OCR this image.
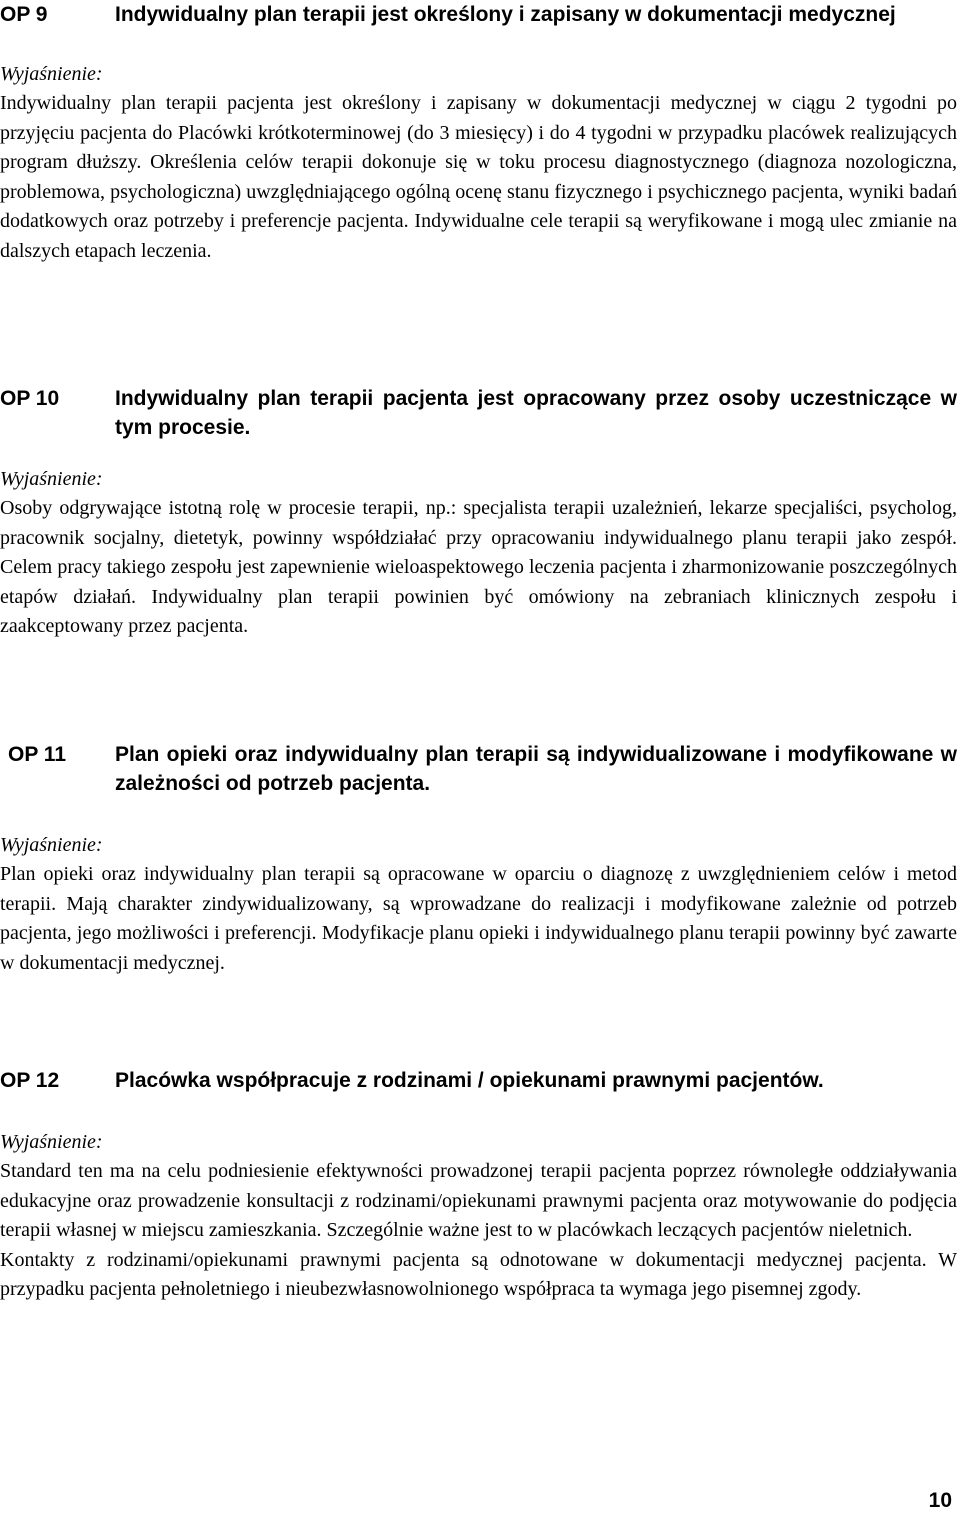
OP 9	Indywidualny plan terapii jest określony i zapisany w dokumentacji medycznej
Wyjaśnienie:

Indywidualny plan terapii pacjenta jest określony i zapisany w dokumentacji medycznej w ciągu 2 tygodni po przyjęciu pacjenta do Placówki krótkoterminowej (do 3 miesięcy) i do 4 tygodni w przypadku placówek realizujących program dłuższy. Określenia celów terapii dokonuje się w toku procesu diagnostycznego (diagnoza nozologiczna, problemowa, psychologiczna) uwzględniającego ogólną ocenę stanu fizycznego i psychicznego pacjenta, wyniki badań dodatkowych oraz potrzeby i preferencje pacjenta. Indywidualne cele terapii są weryfikowane i mogą ulec zmianie na dalszych etapach leczenia.

OP 10	Indywidualny plan terapii pacjenta jest opracowany przez osoby uczestniczące w tym procesie.
Wyjaśnienie:

Osoby odgrywające istotną rolę w procesie terapii, np.: specjalista terapii uzależnień, lekarze specjaliści, psycholog, pracownik socjalny, dietetyk, powinny współdziałać przy opracowaniu indywidualnego planu terapii jako zespół. Celem pracy takiego zespołu jest zapewnienie wieloaspektowego leczenia pacjenta i zharmonizowanie poszczególnych etapów działań. Indywidualny plan terapii powinien być omówiony na zebraniach klinicznych zespołu i zaakceptowany przez pacjenta.

OP 11 Plan opieki oraz indywidualny plan terapii są indywidualizowane i modyfikowane w zależności od potrzeb pacjenta.
Wyjaśnienie:

Plan opieki oraz indywidualny plan terapii są opracowane w oparciu o diagnozę z uwzględnieniem celów i metod terapii. Mają charakter zindywidualizowany, są wprowadzane do realizacji i modyfikowane zależnie od potrzeb pacjenta, jego możliwości i preferencji. Modyfikacje planu opieki i indywidualnego planu terapii powinny być zawarte w dokumentacji medycznej.

OP 12	Placówka współpracuje z rodzinami / opiekunami prawnymi pacjentów.
Wyjaśnienie:

Standard ten ma na celu podniesienie efektywności prowadzonej terapii pacjenta poprzez równoległe oddziaływania edukacyjne oraz prowadzenie konsultacji z rodzinami/opiekunami prawnymi pacjenta oraz motywowanie do podjęcia terapii własnej w miejscu zamieszkania. Szczególnie ważne jest to w placówkach leczących pacjentów nieletnich.

Kontakty z rodzinami/opiekunami prawnymi pacjenta są odnotowane w dokumentacji medycznej pacjenta. W przypadku pacjenta pełnoletniego i nieubezwłasnowolnionego współpraca ta wymaga jego pisemnej zgody.

10
